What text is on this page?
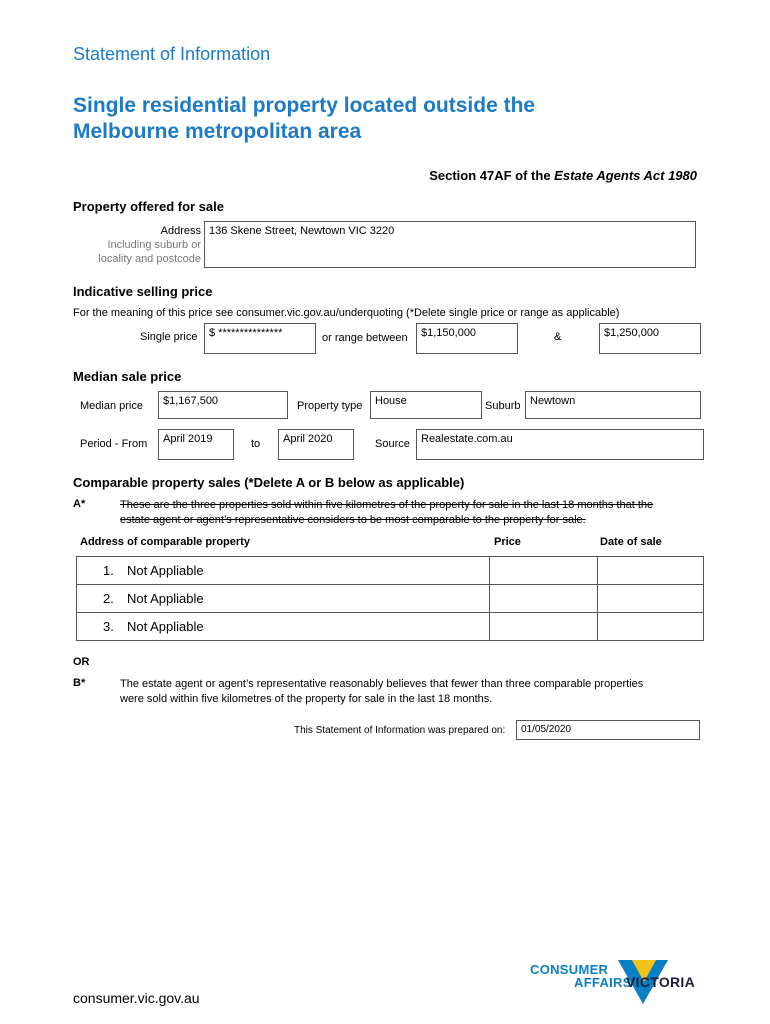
Statement of Information
Single residential property located outside the
Melbourne metropolitan area
Section 47AF of the Estate Agents Act 1980
Property offered for sale
Address
Including suburb or
locality and postcode
136 Skene Street, Newtown VIC 3220
Indicative selling price
For the meaning of this price see consumer.vic.gov.au/underquoting (*Delete single price or range as applicable)
Single price	$ ***************	or range between	$1,150,000	&	$1,250,000
Median sale price
Median price	$1,167,500	Property type	House	Suburb Newtown
Period - From	April 2019	to	April 2020	Source	Realestate.com.au
Comparable property sales (*Delete A or B below as applicable)
A*	These are the three properties sold within five kilometres of the property for sale in the last 18 months that the
estate agent or agent’s representative considers to be most comparable to the property for sale.
Address of comparable property	Price	Date of sale
1. Not Appliable		
2. Not Appliable		
3. Not Appliable		
OR
B*	The estate agent or agent’s representative reasonably believes that fewer than three comparable properties
were sold within five kilometres of the property for sale in the last 18 months.
This Statement of Information was prepared on:	01/05/2020
consumer.vic.gov.au
CONSUMER
AFFAIRS
VICTORIA
